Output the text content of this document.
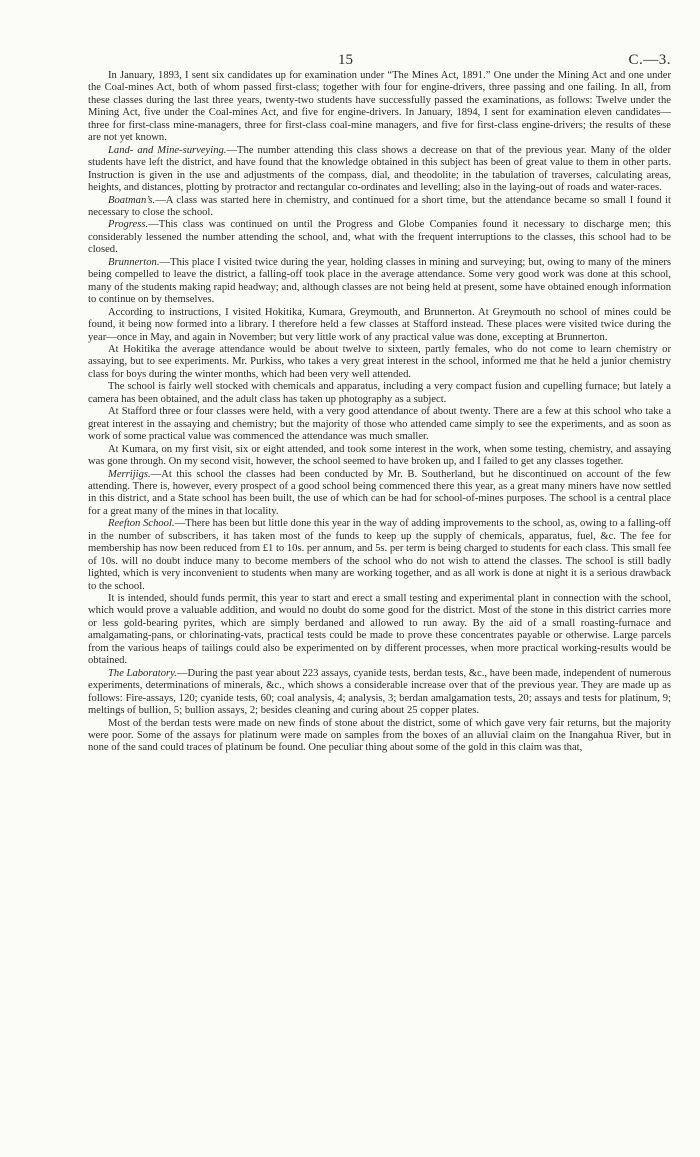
15	C.—3.

In January, 1893, I sent six candidates up for examination under “The Mines Act, 1891.” One under the Mining Act and one under the Coal-mines Act, both of whom passed first-class; together with four for engine-drivers, three passing and one failing. In all, from these classes during the last three years, twenty-two students have successfully passed the examinations, as follows: Twelve under the Mining Act, five under the Coal-mines Act, and five for engine-drivers. In January, 1894, I sent for examination eleven candidates—three for first-class mine-managers, three for first-class coal-mine managers, and five for first-class engine-drivers; the results of these are not yet known.

Land- and Mine-surveying.—The number attending this class shows a decrease on that of the previous year. Many of the older students have left the district, and have found that the knowledge obtained in this subject has been of great value to them in other parts. Instruction is given in the use and adjustments of the compass, dial, and theodolite; in the tabulation of traverses, calculating areas, heights, and distances, plotting by protractor and rectangular co-ordinates and levelling; also in the laying-out of roads and water-races.

Boatman’s.—A class was started here in chemistry, and continued for a short time, but the attendance became so small I found it necessary to close the school.

Progress.—This class was continued on until the Progress and Globe Companies found it necessary to discharge men; this considerably lessened the number attending the school, and, what with the frequent interruptions to the classes, this school had to be closed.

Brunnerton.—This place I visited twice during the year, holding classes in mining and surveying; but, owing to many of the miners being compelled to leave the district, a falling-off took place in the average attendance. Some very good work was done at this school, many of the students making rapid headway; and, although classes are not being held at present, some have obtained enough information to continue on by themselves.

According to instructions, I visited Hokitika, Kumara, Greymouth, and Brunnerton. At Greymouth no school of mines could be found, it being now formed into a library. I therefore held a few classes at Stafford instead. These places were visited twice during the year—once in May, and again in November; but very little work of any practical value was done, excepting at Brunnerton.

At Hokitika the average attendance would be about twelve to sixteen, partly females, who do not come to learn chemistry or assaying, but to see experiments. Mr. Purkiss, who takes a very great interest in the school, informed me that he held a junior chemistry class for boys during the winter months, which had been very well attended.

The school is fairly well stocked with chemicals and apparatus, including a very compact fusion and cupelling furnace; but lately a camera has been obtained, and the adult class has taken up photography as a subject.

At Stafford three or four classes were held, with a very good attendance of about twenty. There are a few at this school who take a great interest in the assaying and chemistry; but the majority of those who attended came simply to see the experiments, and as soon as work of some practical value was commenced the attendance was much smaller.

At Kumara, on my first visit, six or eight attended, and took some interest in the work, when some testing, chemistry, and assaying was gone through. On my second visit, however, the school seemed to have broken up, and I failed to get any classes together.

Merrijigs.—At this school the classes had been conducted by Mr. B. Southerland, but he discontinued on account of the few attending. There is, however, every prospect of a good school being commenced there this year, as a great many miners have now settled in this district, and a State school has been built, the use of which can be had for school-of-mines purposes. The school is a central place for a great many of the mines in that locality.

Reefton School.—There has been but little done this year in the way of adding improvements to the school, as, owing to a falling-off in the number of subscribers, it has taken most of the funds to keep up the supply of chemicals, apparatus, fuel, &c. The fee for membership has now been reduced from £1 to 10s. per annum, and 5s. per term is being charged to students for each class. This small fee of 10s. will no doubt induce many to become members of the school who do not wish to attend the classes. The school is still badly lighted, which is very inconvenient to students when many are working together, and as all work is done at night it is a serious drawback to the school.

It is intended, should funds permit, this year to start and erect a small testing and experimental plant in connection with the school, which would prove a valuable addition, and would no doubt do some good for the district. Most of the stone in this district carries more or less gold-bearing pyrites, which are simply berdaned and allowed to run away. By the aid of a small roasting-furnace and amalgamating-pans, or chlorinating-vats, practical tests could be made to prove these concentrates payable or otherwise. Large parcels from the various heaps of tailings could also be experimented on by different processes, when more practical working-results would be obtained.

The Laboratory.—During the past year about 223 assays, cyanide tests, berdan tests, &c., have been made, independent of numerous experiments, determinations of minerals, &c., which shows a considerable increase over that of the previous year. They are made up as follows: Fire-assays, 120; cyanide tests, 60; coal analysis, 4; analysis, 3; berdan amalgamation tests, 20; assays and tests for platinum, 9; meltings of bullion, 5; bullion assays, 2; besides cleaning and curing about 25 copper plates.

Most of the berdan tests were made on new finds of stone about the district, some of which gave very fair returns, but the majority were poor. Some of the assays for platinum were made on samples from the boxes of an alluvial claim on the Inangahua River, but in none of the sand could traces of platinum be found. One peculiar thing about some of the gold in this claim was that,
